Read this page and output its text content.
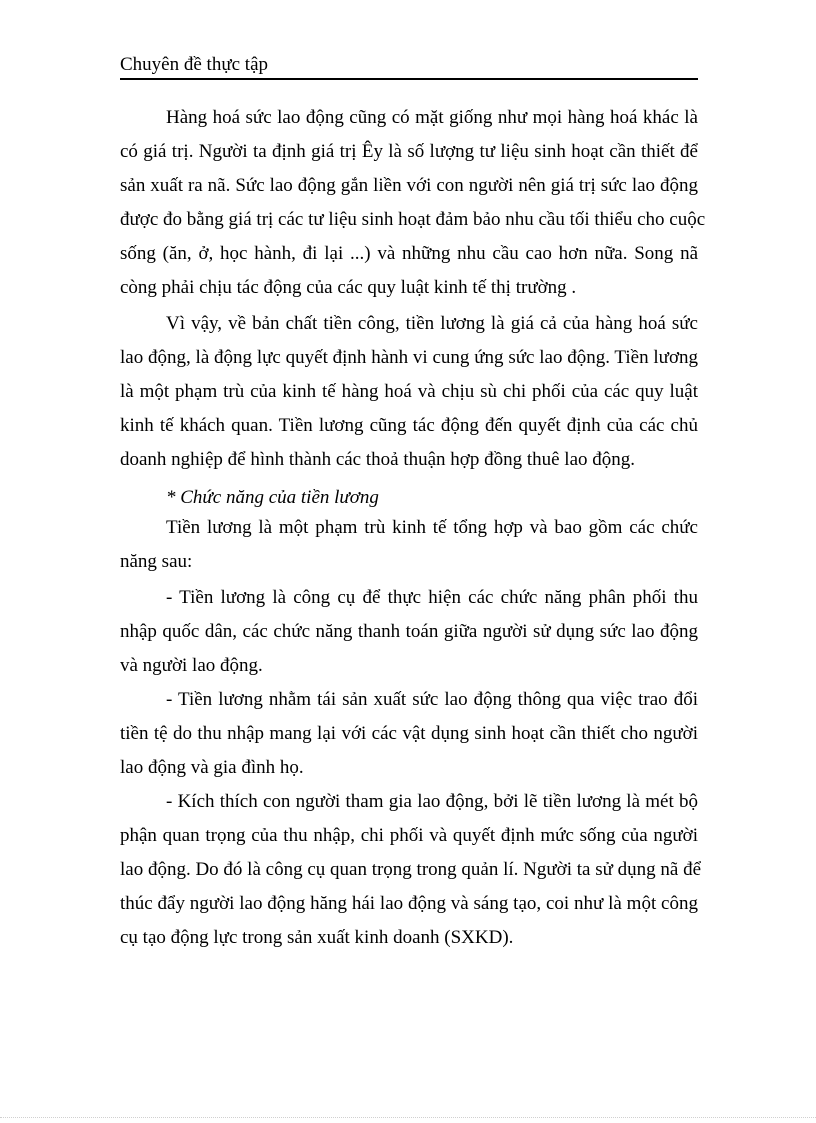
Chuyên đề thực tập
Hàng hoá sức lao động cũng có mặt giống như mọi hàng hoá khác là
có giá trị. Người ta định giá trị Êy là số lượng tư liệu sinh hoạt cần thiết để
sản xuất ra nã. Sức lao động gắn liền với con người nên giá trị sức lao động
được đo bằng giá trị các tư liệu sinh hoạt đảm bảo nhu cầu tối thiểu cho cuộc
sống (ăn, ở, học hành, đi lại ...) và những nhu cầu cao hơn nữa. Song nã
còng phải chịu tác động của các quy luật kinh tế thị trường .
Vì vậy, về bản chất tiền công, tiền lương là giá cả của hàng hoá sức
lao động, là động lực quyết định hành vi cung ứng sức lao động. Tiền lương
là một phạm trù của kinh tế hàng hoá và chịu sù chi phối của các quy luật
kinh tế khách quan. Tiền lương cũng tác động đến quyết định của các chủ
doanh nghiệp để hình thành các thoả thuận hợp đồng thuê lao động.
* Chức năng của tiền lương
Tiền lương là một phạm trù kinh tế tổng hợp và bao gồm các chức
năng sau:
- Tiền lương là công cụ để thực hiện các chức năng phân phối thu
nhập quốc dân, các chức năng thanh toán giữa người sử dụng sức lao động
và người lao động.
- Tiền lương nhằm tái sản xuất sức lao động thông qua việc trao đổi
tiền tệ do thu nhập mang lại với các vật dụng sinh hoạt cần thiết cho người
lao động và gia đình họ.
- Kích thích con người tham gia lao động, bởi lẽ tiền lương là mét bộ
phận quan trọng của thu nhập, chi phối và quyết định mức sống của người
lao động. Do đó là công cụ quan trọng trong quản lí. Người ta sử dụng nã để
thúc đẩy người lao động hăng hái lao động và sáng tạo, coi như là một công
cụ tạo động lực trong sản xuất kinh doanh (SXKD).
